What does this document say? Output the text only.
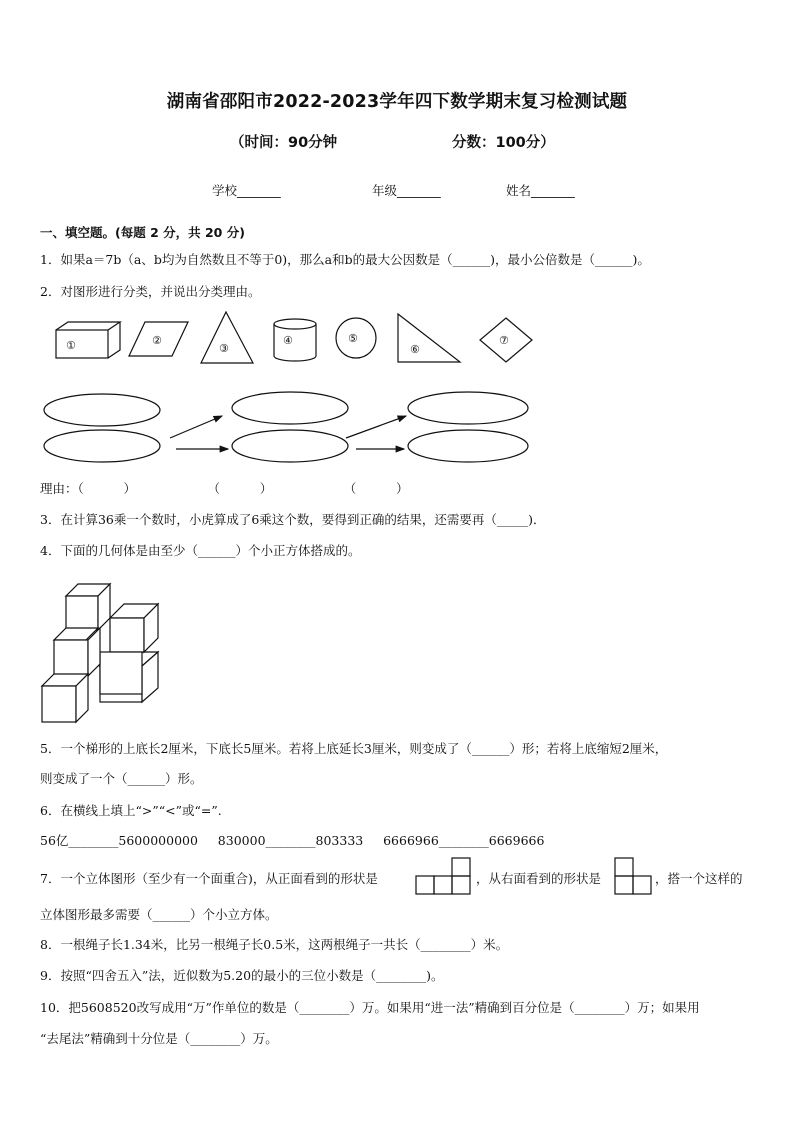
湖南省邵阳市2022-2023学年四下数学期末复习检测试题
（时间：90分钟	分数：100分）
学校_______	年级_______	姓名_______
一、填空题。(每题 2 分，共 20 分)
1．如果a＝7b（a、b均为自然数且不等于0)，那么a和b的最大公因数是（______)，最小公倍数是（______)。
2．对图形进行分类，并说出分类理由。
①	②
③
④	⑤
⑥
⑦
理由：（          ）                  （          ）                  （          ）
3．在计算36乘一个数时，小虎算成了6乘这个数，要得到正确的结果，还需要再（_____)．
4．下面的几何体是由至少（______）个小正方体搭成的。
5．一个梯形的上底长2厘米，下底长5厘米。若将上底延长3厘米，则变成了（______）形；若将上底缩短2厘米，
则变成了一个（______）形。
6．在横线上填上“>”“<”或“=”.
56亿________5600000000     830000________803333     6666966________6669666
7．一个立体图形（至少有一个面重合)，从正面看到的形状是	，从右面看到的形状是	，搭一个这样的
立体图形最多需要（______）个小立方体。
8．一根绳子长1.34米，比另一根绳子长0.5米，这两根绳子一共长（________）米。
9．按照“四舍五入”法，近似数为5.20的最小的三位小数是（________)。
10．把5608520改写成用“万”作单位的数是（________）万。如果用“进一法”精确到百分位是（________）万；如果用
“去尾法”精确到十分位是（________）万。
